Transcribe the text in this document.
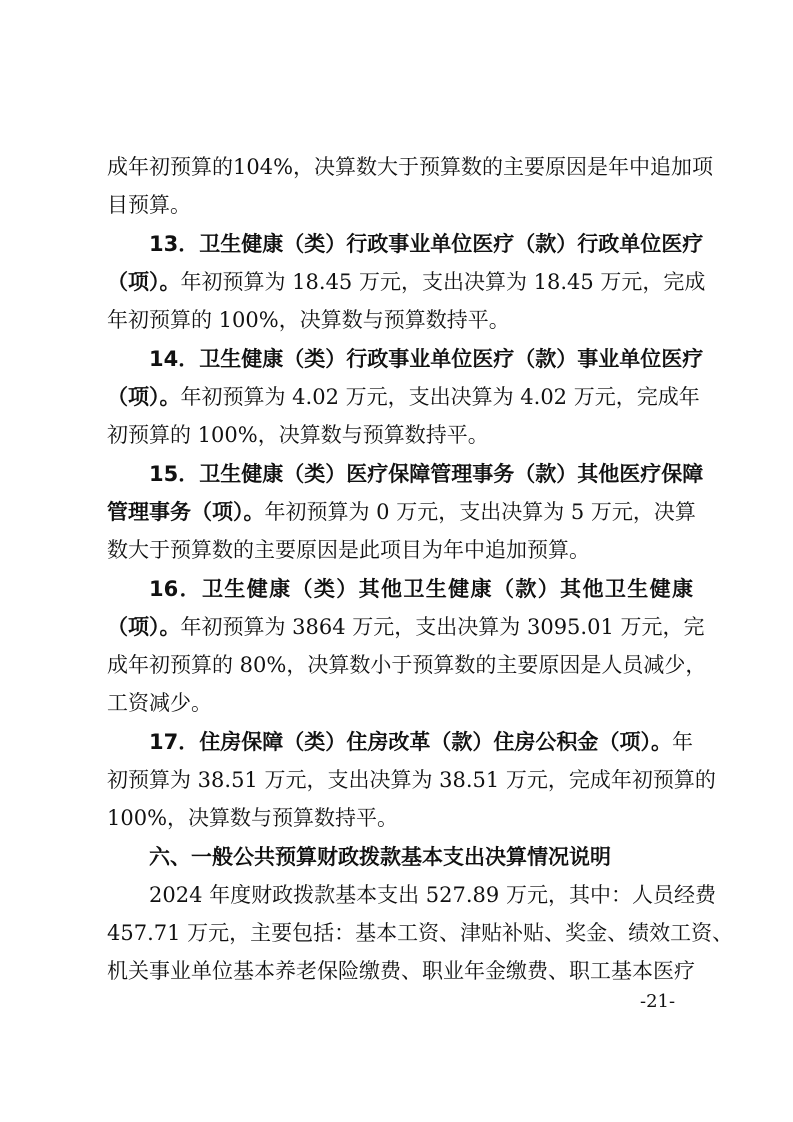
成年初预算的104%，决算数大于预算数的主要原因是年中追加项
目预算。
13．卫生健康（类）行政事业单位医疗（款）行政单位医疗
（项）。年初预算为 18.45 万元，支出决算为 18.45 万元，完成
年初预算的 100%，决算数与预算数持平。
14．卫生健康（类）行政事业单位医疗（款）事业单位医疗
（项）。年初预算为 4.02 万元，支出决算为 4.02 万元，完成年
初预算的 100%，决算数与预算数持平。
15．卫生健康（类）医疗保障管理事务（款）其他医疗保障
管理事务（项）。年初预算为 0 万元，支出决算为 5 万元，决算
数大于预算数的主要原因是此项目为年中追加预算。
16．卫生健康（类）其他卫生健康（款）其他卫生健康
（项）。年初预算为 3864 万元，支出决算为 3095.01 万元，完
成年初预算的 80%，决算数小于预算数的主要原因是人员减少，
工资减少。
17．住房保障（类）住房改革（款）住房公积金（项）。年
初预算为 38.51 万元，支出决算为 38.51 万元，完成年初预算的
100%，决算数与预算数持平。
六、一般公共预算财政拨款基本支出决算情况说明
2024 年度财政拨款基本支出 527.89 万元，其中：人员经费
457.71 万元，主要包括：基本工资、津贴补贴、奖金、绩效工资、
机关事业单位基本养老保险缴费、职业年金缴费、职工基本医疗
-21-
